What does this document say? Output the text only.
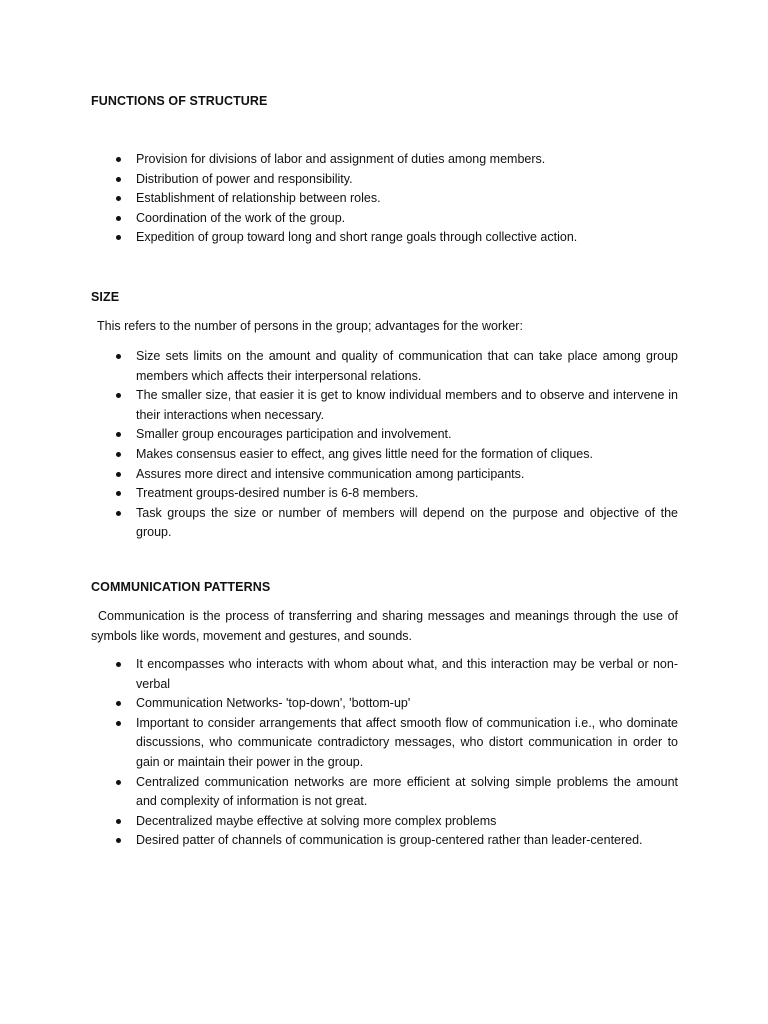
FUNCTIONS OF STRUCTURE
Provision for divisions of labor and assignment of duties among members.
Distribution of power and responsibility.
Establishment of relationship between roles.
Coordination of the work of the group.
Expedition of group toward long and short range goals through collective action.
SIZE
This refers to the number of persons in the group; advantages for the worker:
Size sets limits on the amount and quality of communication that can take place among group members which affects their interpersonal relations.
The smaller size, that easier it is get to know individual members and to observe and intervene in their interactions when necessary.
Smaller group encourages participation and involvement.
Makes consensus easier to effect, ang gives little need for the formation of cliques.
Assures more direct and intensive communication among participants.
Treatment groups-desired number is 6-8 members.
Task groups the size or number of members will depend on the purpose and objective of the group.
COMMUNICATION PATTERNS
Communication is the process of transferring and sharing messages and meanings through the use of symbols like words, movement and gestures, and sounds.
It encompasses who interacts with whom about what, and this interaction may be verbal or non-verbal
Communication Networks- 'top-down', 'bottom-up'
Important to consider arrangements that affect smooth flow of communication i.e., who dominate discussions, who communicate contradictory messages, who distort communication in order to gain or maintain their power in the group.
Centralized communication networks are more efficient at solving simple problems the amount and complexity of information is not great.
Decentralized maybe effective at solving more complex problems
Desired patter of channels of communication is group-centered rather than leader-centered.
